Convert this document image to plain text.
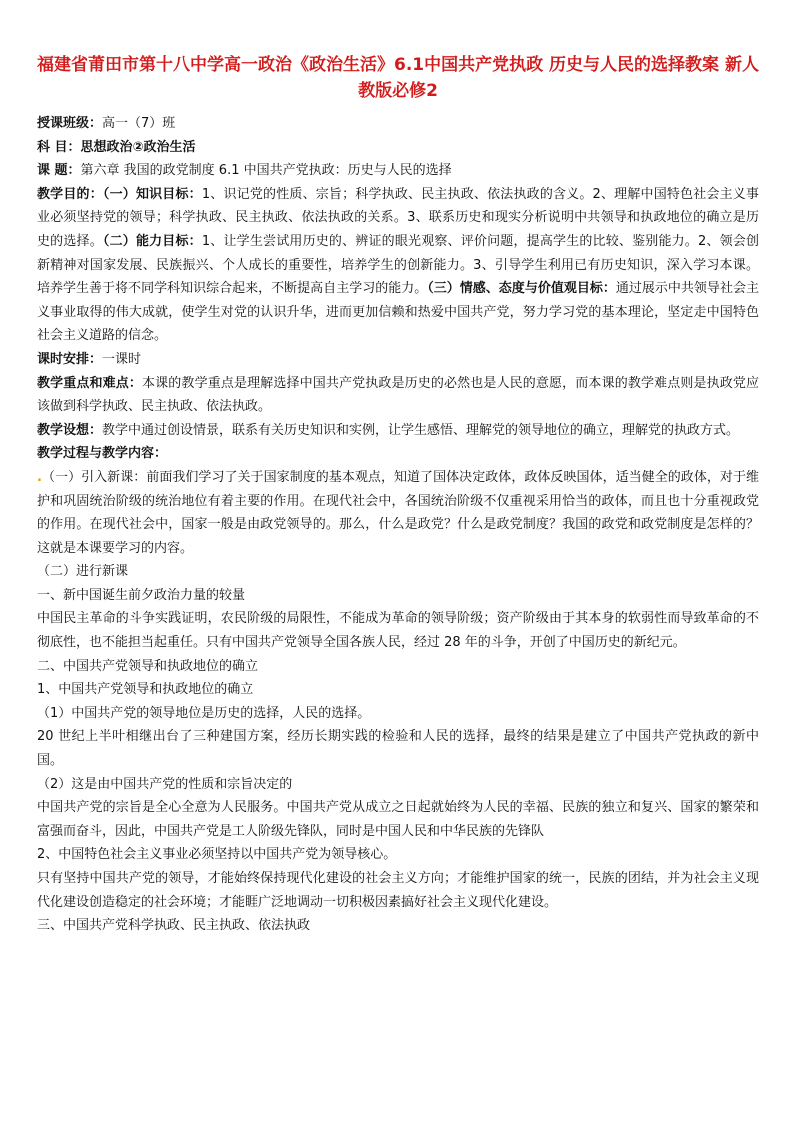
福建省莆田市第十八中学高一政治《政治生活》6.1中国共产党执政 历史与人民的选择教案 新人教版必修2

授课班级：高一（7）班

科 目：思想政治②政治生活

课 题：第六章 我国的政党制度 6.1 中国共产党执政：历史与人民的选择

教学目的：（一）知识目标：1、识记党的性质、宗旨；科学执政、民主执政、依法执政的含义。2、理解中国特色社会主义事业必须坚持党的领导；科学执政、民主执政、依法执政的关系。3、联系历史和现实分析说明中共领导和执政地位的确立是历史的选择。（二）能力目标：1、让学生尝试用历史的、辨证的眼光观察、评价问题，提高学生的比较、鉴别能力。2、领会创新精神对国家发展、民族振兴、个人成长的重要性，培养学生的创新能力。3、引导学生利用已有历史知识，深入学习本课。培养学生善于将不同学科知识综合起来，不断提高自主学习的能力。（三）情感、态度与价值观目标：通过展示中共领导社会主义事业取得的伟大成就，使学生对党的认识升华，进而更加信赖和热爱中国共产党，努力学习党的基本理论，坚定走中国特色社会主义道路的信念。

课时安排：一课时

教学重点和难点：本课的教学重点是理解选择中国共产党执政是历史的必然也是人民的意愿，而本课的教学难点则是执政党应该做到科学执政、民主执政、依法执政。

教学设想：教学中通过创设情景，联系有关历史知识和实例，让学生感悟、理解党的领导地位的确立，理解党的执政方式。

教学过程与教学内容：

.（一）引入新课：前面我们学习了关于国家制度的基本观点，知道了国体决定政体，政体反映国体，适当健全的政体，对于维护和巩固统治阶级的统治地位有着主要的作用。在现代社会中，各国统治阶级不仅重视采用恰当的政体，而且也十分重视政党的作用。在现代社会中，国家一般是由政党领导的。那么，什么是政党？什么是政党制度？我国的政党和政党制度是怎样的？这就是本课要学习的内容。

（二）进行新课

一、新中国诞生前夕政治力量的较量

中国民主革命的斗争实践证明，农民阶级的局限性，不能成为革命的领导阶级；资产阶级由于其本身的软弱性而导致革命的不彻底性，也不能担当起重任。只有中国共产党领导全国各族人民，经过 28 年的斗争，开创了中国历史的新纪元。

二、中国共产党领导和执政地位的确立

1、中国共产党领导和执政地位的确立

（1）中国共产党的领导地位是历史的选择，人民的选择。

20 世纪上半叶相继出台了三种建国方案，经历长期实践的检验和人民的选择，最终的结果是建立了中国共产党执政的新中国。

（2）这是由中国共产党的性质和宗旨决定的

中国共产党的宗旨是全心全意为人民服务。中国共产党从成立之日起就始终为人民的幸福、民族的独立和复兴、国家的繁荣和富强而奋斗，因此，中国共产党是工人阶级先锋队，同时是中国人民和中华民族的先锋队

2、中国特色社会主义事业必须坚持以中国共产党为领导核心。

只有坚持中国共产党的领导，才能始终保持现代化建设的社会主义方向；才能维护国家的统一，民族的团结，并为社会主义现代化建设创造稳定的社会环境；才能睚广泛地调动一切积极因素搞好社会主义现代化建设。

三、中国共产党科学执政、民主执政、依法执政
